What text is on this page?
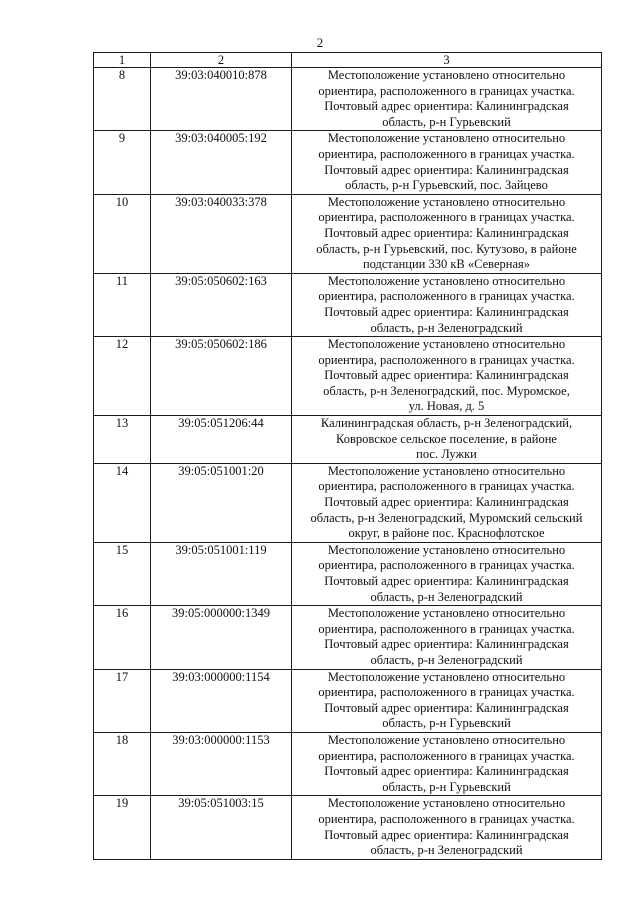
2
1	2	3
8	39:03:040010:878	Местоположение установлено относительно
ориентира, расположенного в границах участка.
Почтовый адрес ориентира: Калининградская
область, р-н Гурьевский
9	39:03:040005:192	Местоположение установлено относительно
ориентира, расположенного в границах участка.
Почтовый адрес ориентира: Калининградская
область, р-н Гурьевский, пос. Зайцево
10	39:03:040033:378	Местоположение установлено относительно
ориентира, расположенного в границах участка.
Почтовый адрес ориентира: Калининградская
область, р-н Гурьевский, пос. Кутузово, в районе
подстанции 330 кВ «Северная»
11	39:05:050602:163	Местоположение установлено относительно
ориентира, расположенного в границах участка.
Почтовый адрес ориентира: Калининградская
область, р-н Зеленоградский
12	39:05:050602:186	Местоположение установлено относительно
ориентира, расположенного в границах участка.
Почтовый адрес ориентира: Калининградская
область, р-н Зеленоградский, пос. Муромское,
ул. Новая, д. 5
13	39:05:051206:44	Калининградская область, р-н Зеленоградский,
Ковровское сельское поселение, в районе
пос. Лужки
14	39:05:051001:20	Местоположение установлено относительно
ориентира, расположенного в границах участка.
Почтовый адрес ориентира: Калининградская
область, р-н Зеленоградский, Муромский сельский
округ, в районе пос. Краснофлотское
15	39:05:051001:119	Местоположение установлено относительно
ориентира, расположенного в границах участка.
Почтовый адрес ориентира: Калининградская
область, р-н Зеленоградский
16	39:05:000000:1349	Местоположение установлено относительно
ориентира, расположенного в границах участка.
Почтовый адрес ориентира: Калининградская
область, р-н Зеленоградский
17	39:03:000000:1154	Местоположение установлено относительно
ориентира, расположенного в границах участка.
Почтовый адрес ориентира: Калининградская
область, р-н Гурьевский
18	39:03:000000:1153	Местоположение установлено относительно
ориентира, расположенного в границах участка.
Почтовый адрес ориентира: Калининградская
область, р-н Гурьевский
19	39:05:051003:15	Местоположение установлено относительно
ориентира, расположенного в границах участка.
Почтовый адрес ориентира: Калининградская
область, р-н Зеленоградский
